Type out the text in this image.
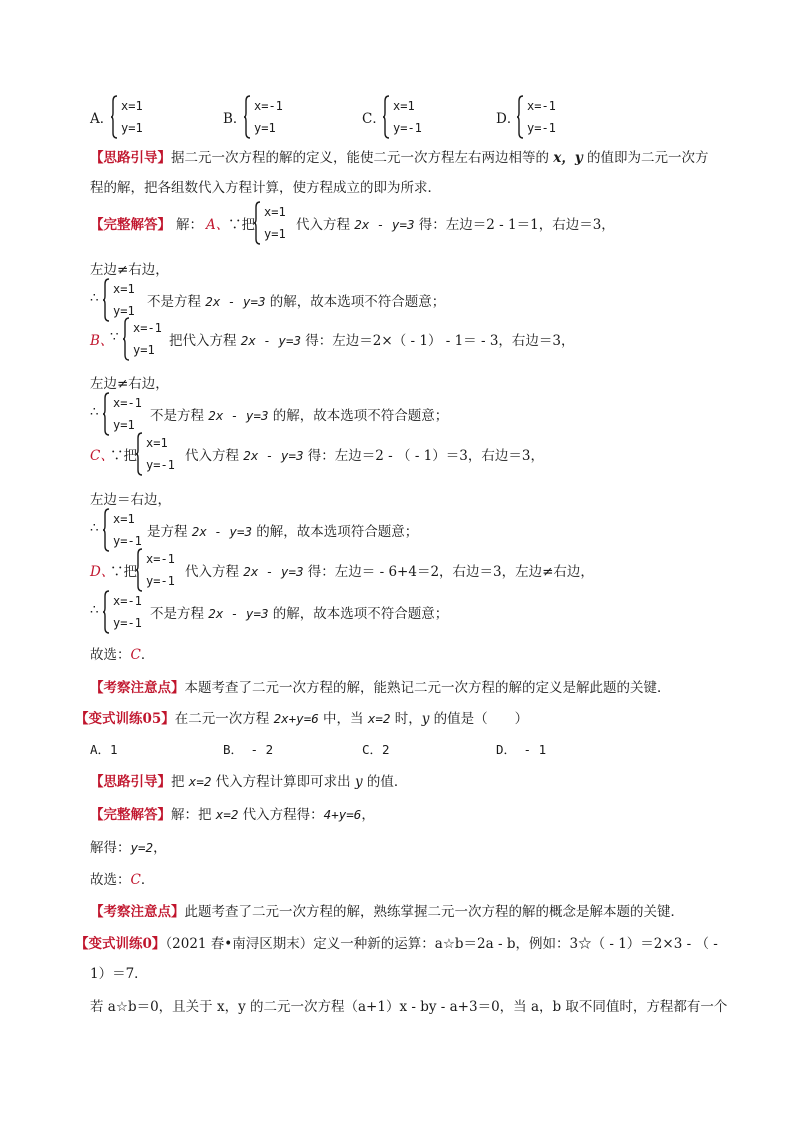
A．
x=1
y=1
B．
x=-1
y=1
C．
x=1
y=-1
D．
x=-1
y=-1
【思路引导】据二元一次方程的解的定义，能使二元一次方程左右两边相等的 x，y 的值即为二元一次方
程的解，把各组数代入方程计算，使方程成立的即为所求．
【完整解答】 解： A、
∵把
x=1
y=1
代入方程 2x - y=3 得：左边＝2 - 1＝1，右边＝3，
左边≠右边，
∴
x=1
y=1
不是方程 2x - y=3 的解，故本选项不符合题意；
B、
∵
x=-1
y=1
把代入方程 2x - y=3 得：左边＝2×（ - 1） - 1＝ - 3，右边＝3，
左边≠右边，
∴
x=-1
y=1
不是方程 2x - y=3 的解，故本选项不符合题意；
C、
∵把
x=1
y=-1
代入方程 2x - y=3 得：左边＝2 - （ - 1）＝3，右边＝3，
左边＝右边，
∴
x=1
y=-1
是方程 2x - y=3 的解，故本选项符合题意；
D、
∵把
x=-1
y=-1
代入方程 2x - y=3 得：左边＝ - 6+4＝2，右边＝3，左边≠右边，
∴
x=-1
y=-1
不是方程 2x - y=3 的解，故本选项不符合题意；
故选：C．
【考察注意点】本题考查了二元一次方程的解，能熟记二元一次方程的解的定义是解此题的关键．
【变式训练05】在二元一次方程 2x+y=6 中，当 x=2 时，y 的值是（　　）
A．1	B． - 2	C．2	D． - 1
【思路引导】把 x=2 代入方程计算即可求出 y 的值．
【完整解答】解：把 x=2 代入方程得：4+y=6，
解得：y=2，
故选：C．
【考察注意点】此题考查了二元一次方程的解，熟练掌握二元一次方程的解的概念是解本题的关键．
【变式训练0】（2021 春•南浔区期末）定义一种新的运算：a☆b＝2a - b，例如：3☆（ - 1）＝2×3 - （ -
1）＝7．
若 a☆b＝0，且关于 x，y 的二元一次方程（a+1）x - by - a+3＝0，当 a，b 取不同值时，方程都有一个
